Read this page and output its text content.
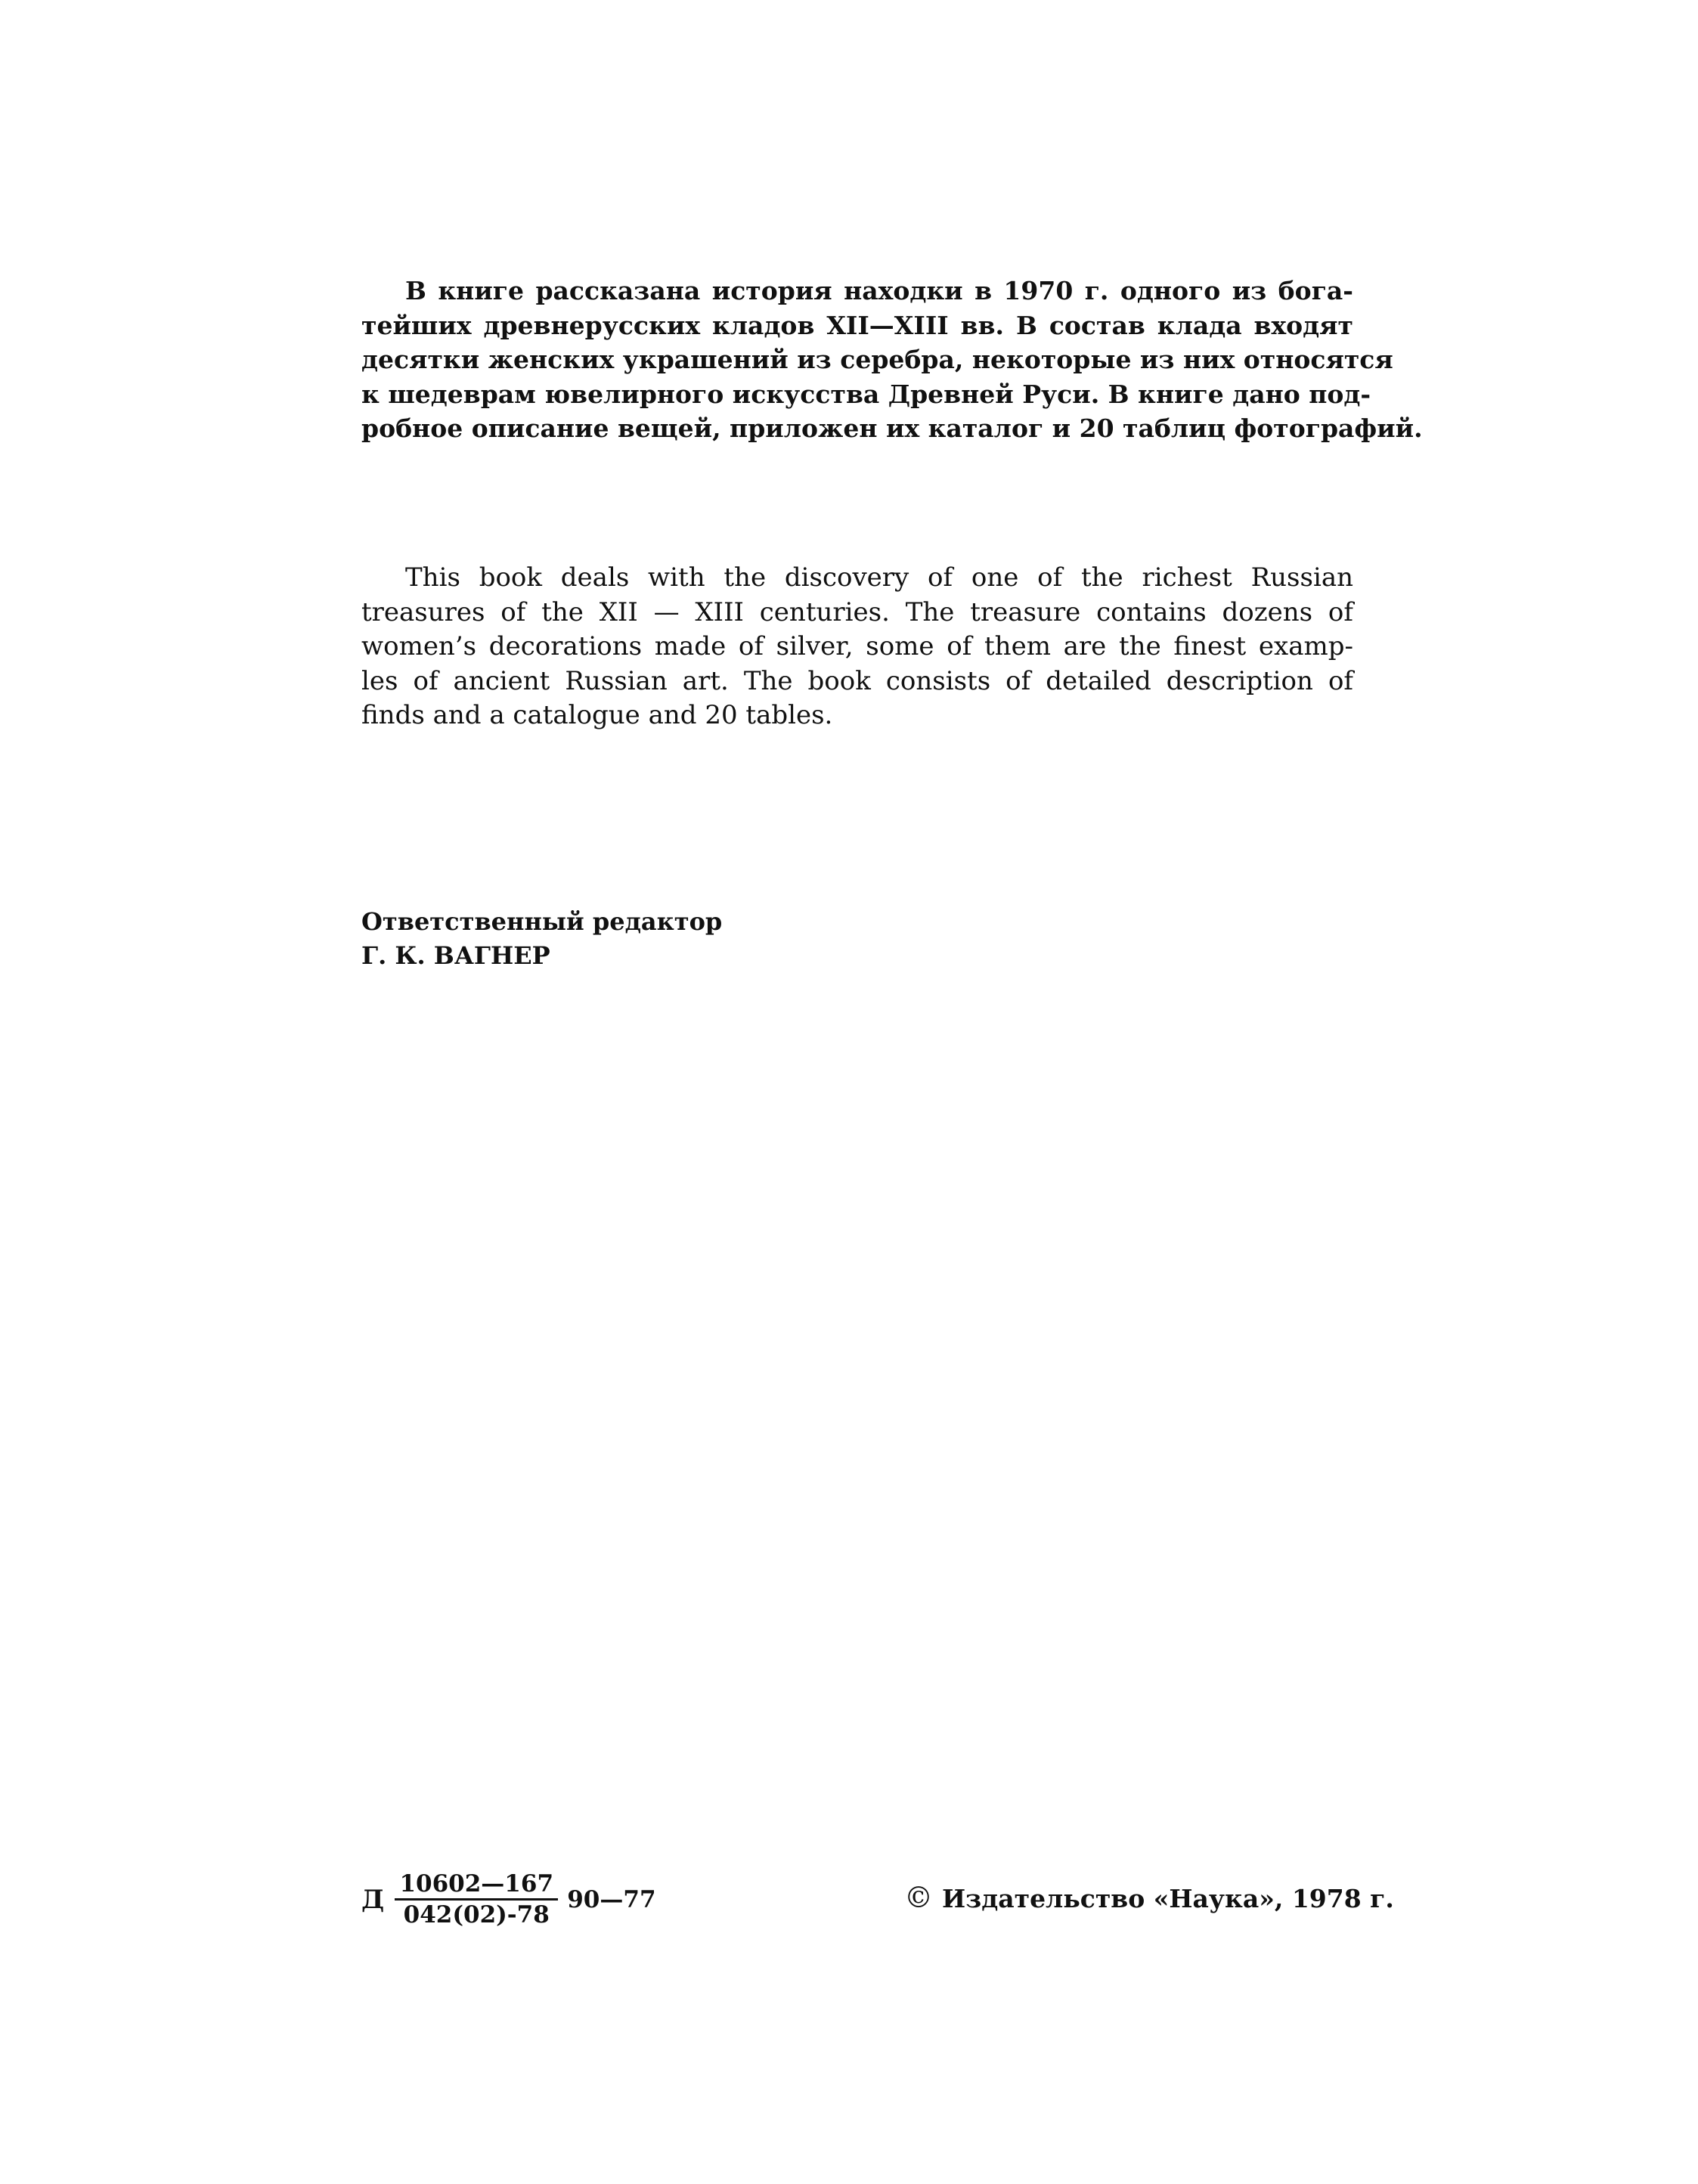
В книге рассказана история находки в 1970 г. одного из бога-
тейших древнерусских кладов XII—XIII вв. В состав клада входят
десятки женских украшений из серебра, некоторые из них относятся
к шедеврам ювелирного искусства Древней Руси. В книге дано под-
робное описание вещей, приложен их каталог и 20 таблиц фотографий.
This book deals with the discovery of one of the richest Russian
treasures of the XII — XIII centuries. The treasure contains dozens of
women’s decorations made of silver, some of them are the finest examp-
les of ancient Russian art. The book consists of detailed description of
finds and a catalogue and 20 tables.
Ответственный редактор
Г. К. ВАГНЕР
Д $\frac{10602—167}{042(02)-78}$ 90—77	© Издательство «Наука», 1978 г.
